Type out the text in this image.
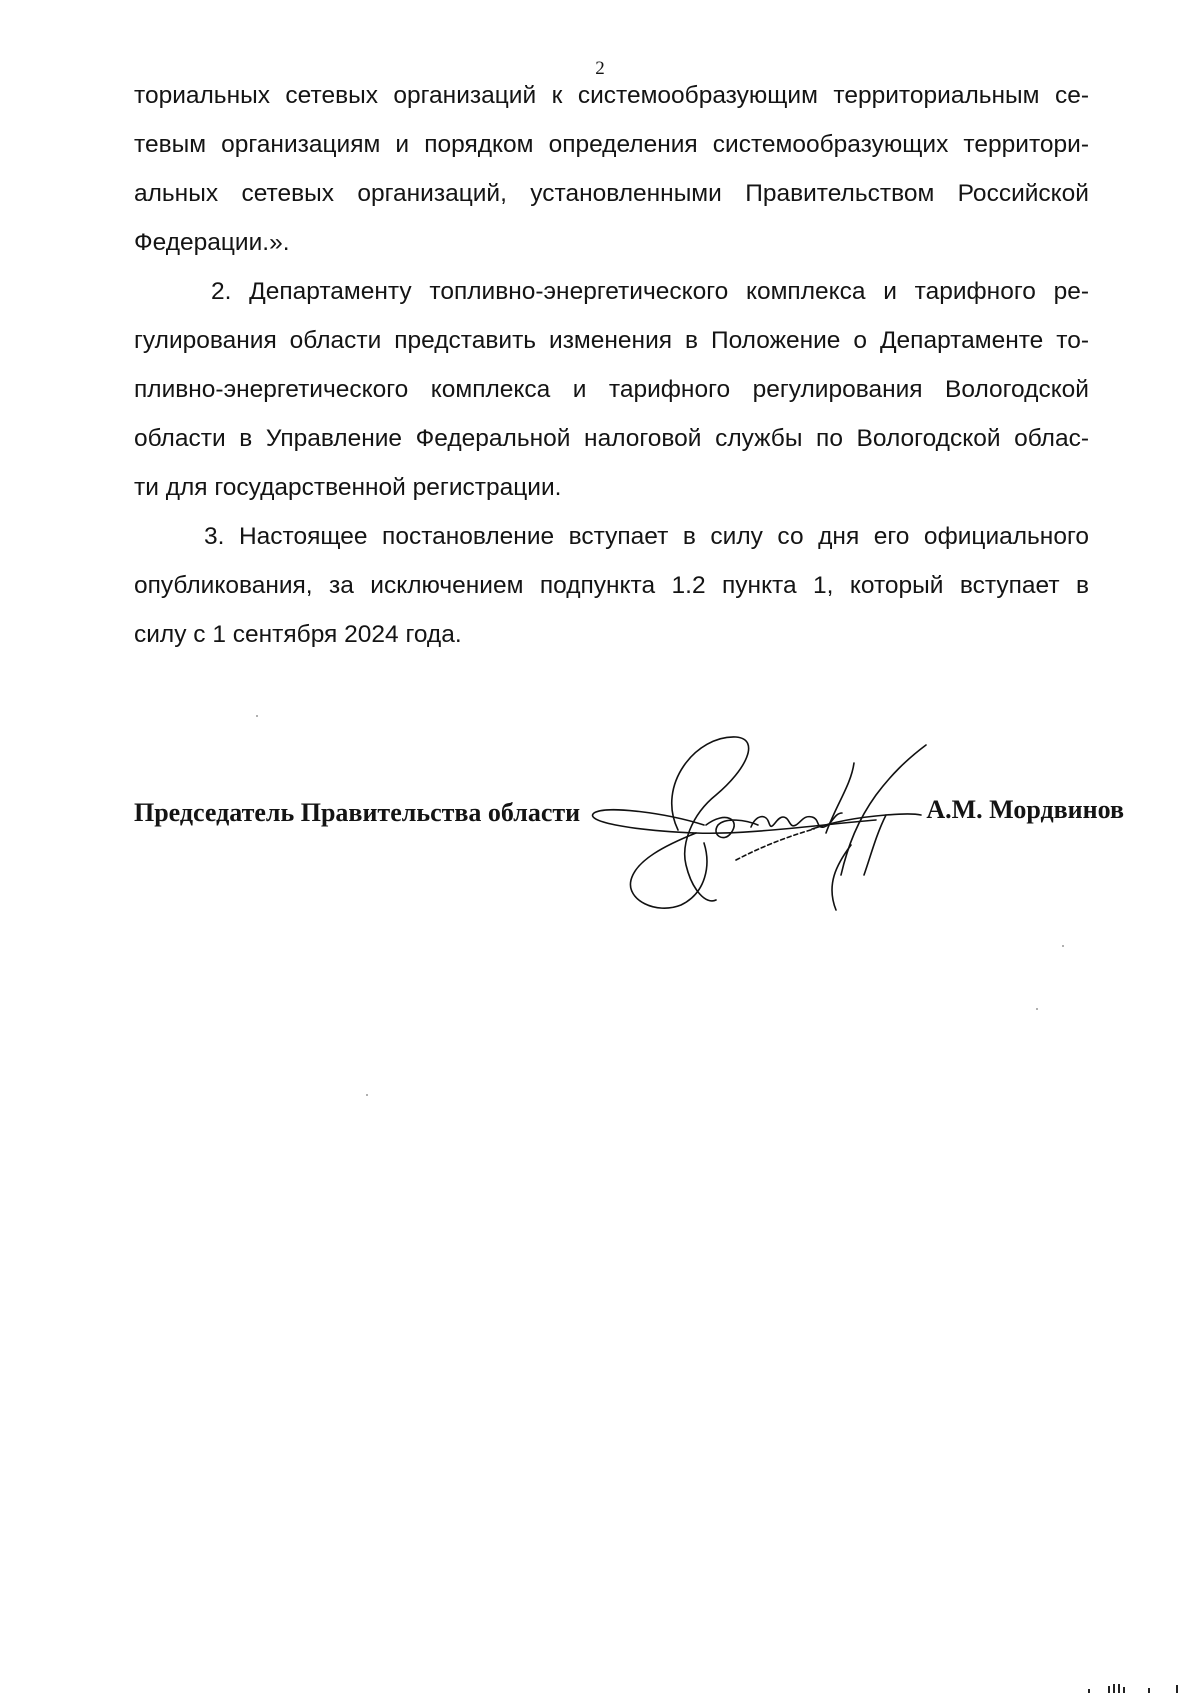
2
ториальных сетевых организаций к системообразующим территориальным се-
тевым организациям и порядком определения системообразующих территори-
альных сетевых организаций, установленными Правительством Российской
Федерации.».
2. Департаменту топливно-энергетического комплекса и тарифного ре-
гулирования области представить изменения в Положение о Департаменте то-
пливно-энергетического комплекса и тарифного регулирования Вологодской
области в Управление Федеральной налоговой службы по Вологодской облас-
ти для государственной регистрации.
3. Настоящее постановление вступает в силу со дня его официального
опубликования, за исключением подпункта 1.2 пункта 1, который вступает в
силу с 1 сентября 2024 года.
Председатель Правительства области	А.М. Мордвинов
